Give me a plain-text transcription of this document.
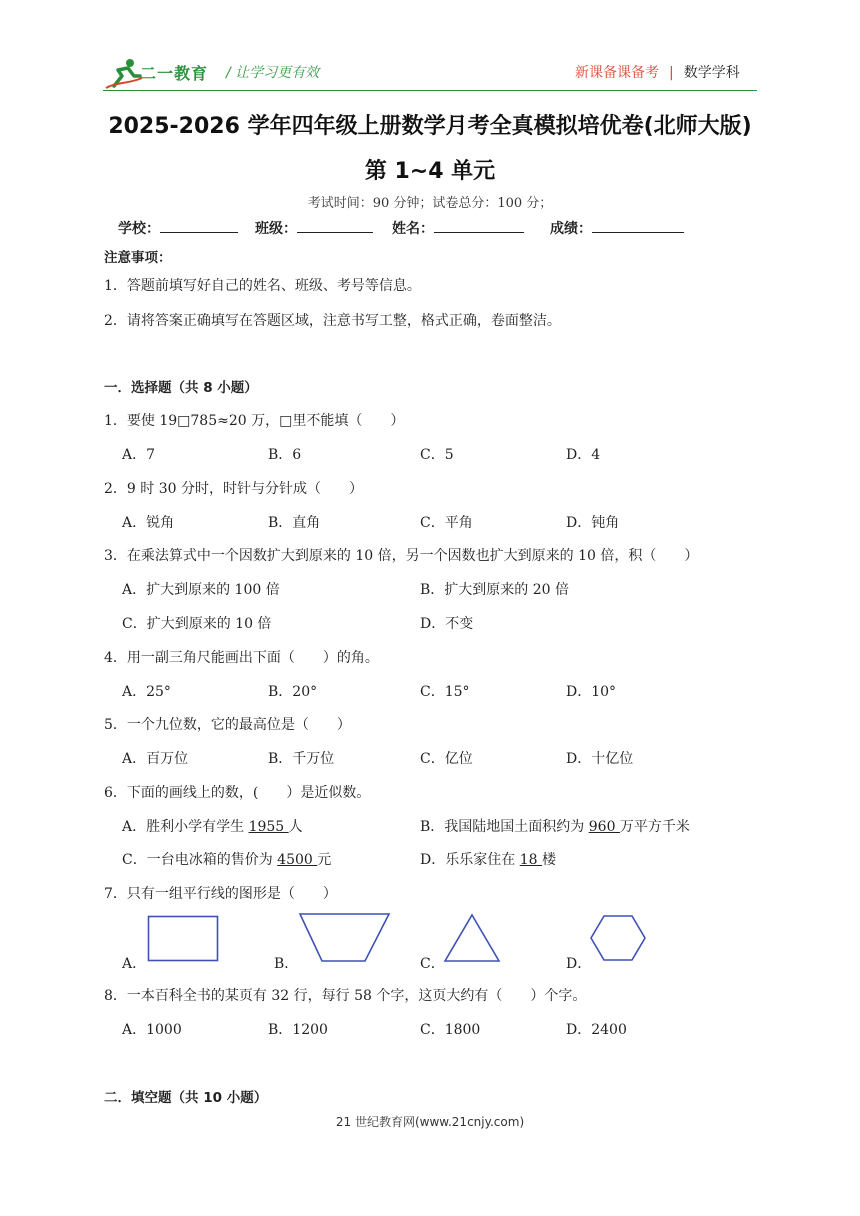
二一教育 / 让学习更有效	新课备课备考 | 数学学科
2025-2026 学年四年级上册数学月考全真模拟培优卷(北师大版)
第 1~4 单元
考试时间：90 分钟；试卷总分：100 分；
学校：	班级：	姓名：	成绩：
注意事项：
1．答题前填写好自己的姓名、班级、考号等信息。
2．请将答案正确填写在答题区域，注意书写工整，格式正确，卷面整洁。
一．选择题（共 8 小题）
1．要使 19□785≈20 万，□里不能填（　　）
A．7	B．6	C．5	D．4
2．9 时 30 分时，时针与分针成（　　）
A．锐角	B．直角	C．平角	D．钝角
3．在乘法算式中一个因数扩大到原来的 10 倍，另一个因数也扩大到原来的 10 倍，积（　　）
A．扩大到原来的 100 倍	B．扩大到原来的 20 倍
C．扩大到原来的 10 倍	D．不变
4．用一副三角尺能画出下面（　　）的角。
A．25°	B．20°	C．15°	D．10°
5．一个九位数，它的最高位是（　　）
A．百万位	B．千万位	C．亿位	D．十亿位
6．下面的画线上的数，(　　）是近似数。
A．胜利小学有学生 1955 人	B．我国陆地国土面积约为 960 万平方千米
C．一台电冰箱的售价为 4500 元	D．乐乐家住在 18 楼
7．只有一组平行线的图形是（　　）
A．	B．	C．	D．
8．一本百科全书的某页有 32 行，每行 58 个字，这页大约有（　　）个字。
A．1000	B．1200	C．1800	D．2400
二．填空题（共 10 小题）
21 世纪教育网(www.21cnjy.com)
